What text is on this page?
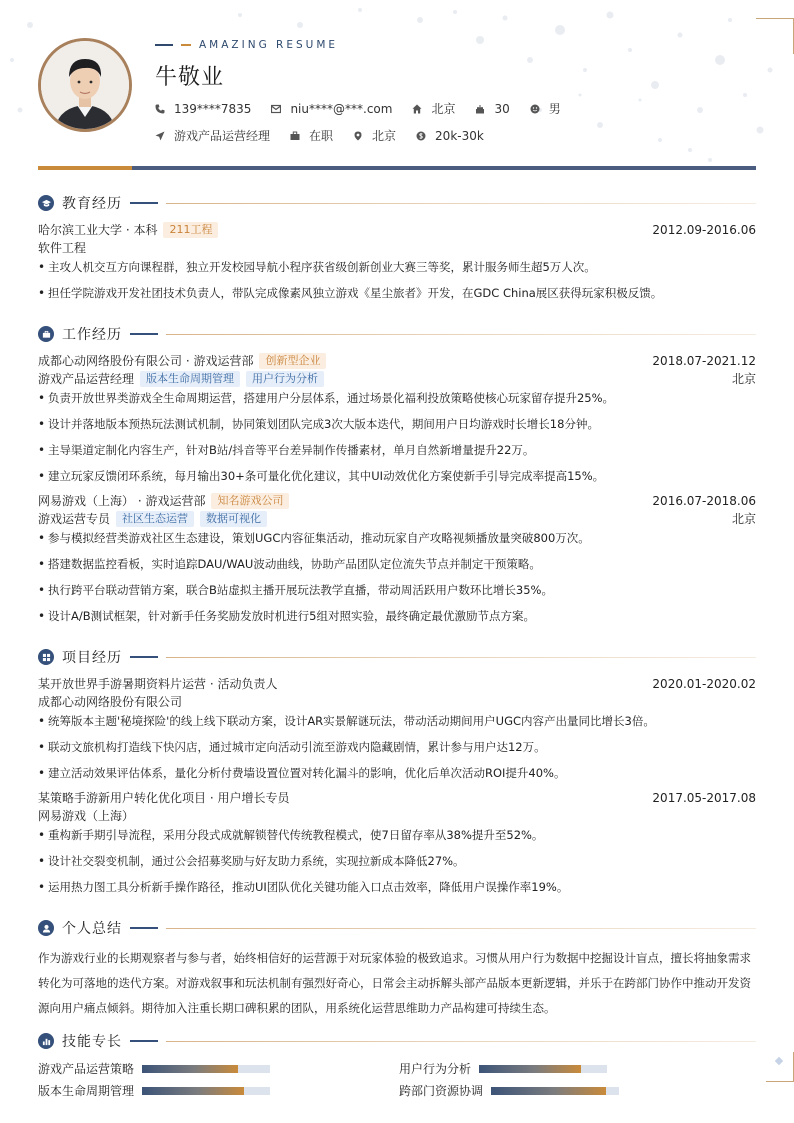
AMAZING RESUME
牛敬业
139****7835	niu****@***.com	北京	30	男
游戏产品运营经理	在职	北京	20k-30k
教育经历
哈尔滨工业大学 · 本科	211工程	2012.09-2016.06
软件工程
• 主攻人机交互方向课程群，独立开发校园导航小程序获省级创新创业大赛三等奖，累计服务师生超5万人次。
• 担任学院游戏开发社团技术负责人，带队完成像素风独立游戏《星尘旅者》开发，在GDC China展区获得玩家积极反馈。
工作经历
成都心动网络股份有限公司 · 游戏运营部	创新型企业	2018.07-2021.12
游戏产品运营经理	版本生命周期管理	用户行为分析	北京
• 负责开放世界类游戏全生命周期运营，搭建用户分层体系，通过场景化福利投放策略使核心玩家留存提升25%。
• 设计并落地版本预热玩法测试机制，协同策划团队完成3次大版本迭代，期间用户日均游戏时长增长18分钟。
• 主导渠道定制化内容生产，针对B站/抖音等平台差异制作传播素材，单月自然新增量提升22万。
• 建立玩家反馈闭环系统，每月输出30+条可量化优化建议，其中UI动效优化方案使新手引导完成率提高15%。
网易游戏（上海） · 游戏运营部	知名游戏公司	2016.07-2018.06
游戏运营专员	社区生态运营	数据可视化	北京
• 参与模拟经营类游戏社区生态建设，策划UGC内容征集活动，推动玩家自产攻略视频播放量突破800万次。
• 搭建数据监控看板，实时追踪DAU/WAU波动曲线，协助产品团队定位流失节点并制定干预策略。
• 执行跨平台联动营销方案，联合B站虚拟主播开展玩法教学直播，带动周活跃用户数环比增长35%。
• 设计A/B测试框架，针对新手任务奖励发放时机进行5组对照实验，最终确定最优激励节点方案。
项目经历
某开放世界手游暑期资料片运营 · 活动负责人	2020.01-2020.02
成都心动网络股份有限公司
• 统筹版本主题'秘境探险'的线上线下联动方案，设计AR实景解谜玩法，带动活动期间用户UGC内容产出量同比增长3倍。
• 联动文旅机构打造线下快闪店，通过城市定向活动引流至游戏内隐藏剧情，累计参与用户达12万。
• 建立活动效果评估体系，量化分析付费墙设置位置对转化漏斗的影响，优化后单次活动ROI提升40%。
某策略手游新用户转化优化项目 · 用户增长专员	2017.05-2017.08
网易游戏（上海）
• 重构新手期引导流程，采用分段式成就解锁替代传统教程模式，使7日留存率从38%提升至52%。
• 设计社交裂变机制，通过公会招募奖励与好友助力系统，实现拉新成本降低27%。
• 运用热力图工具分析新手操作路径，推动UI团队优化关键功能入口点击效率，降低用户误操作率19%。
个人总结
作为游戏行业的长期观察者与参与者，始终相信好的运营源于对玩家体验的极致追求。习惯从用户行为数据中挖掘设计盲点，擅长将抽象需求转化为可落地的迭代方案。对游戏叙事和玩法机制有强烈好奇心，日常会主动拆解头部产品版本更新逻辑，并乐于在跨部门协作中推动开发资源向用户痛点倾斜。期待加入注重长期口碑积累的团队，用系统化运营思维助力产品构建可持续生态。
技能专长
游戏产品运营策略	用户行为分析
版本生命周期管理	跨部门资源协调
